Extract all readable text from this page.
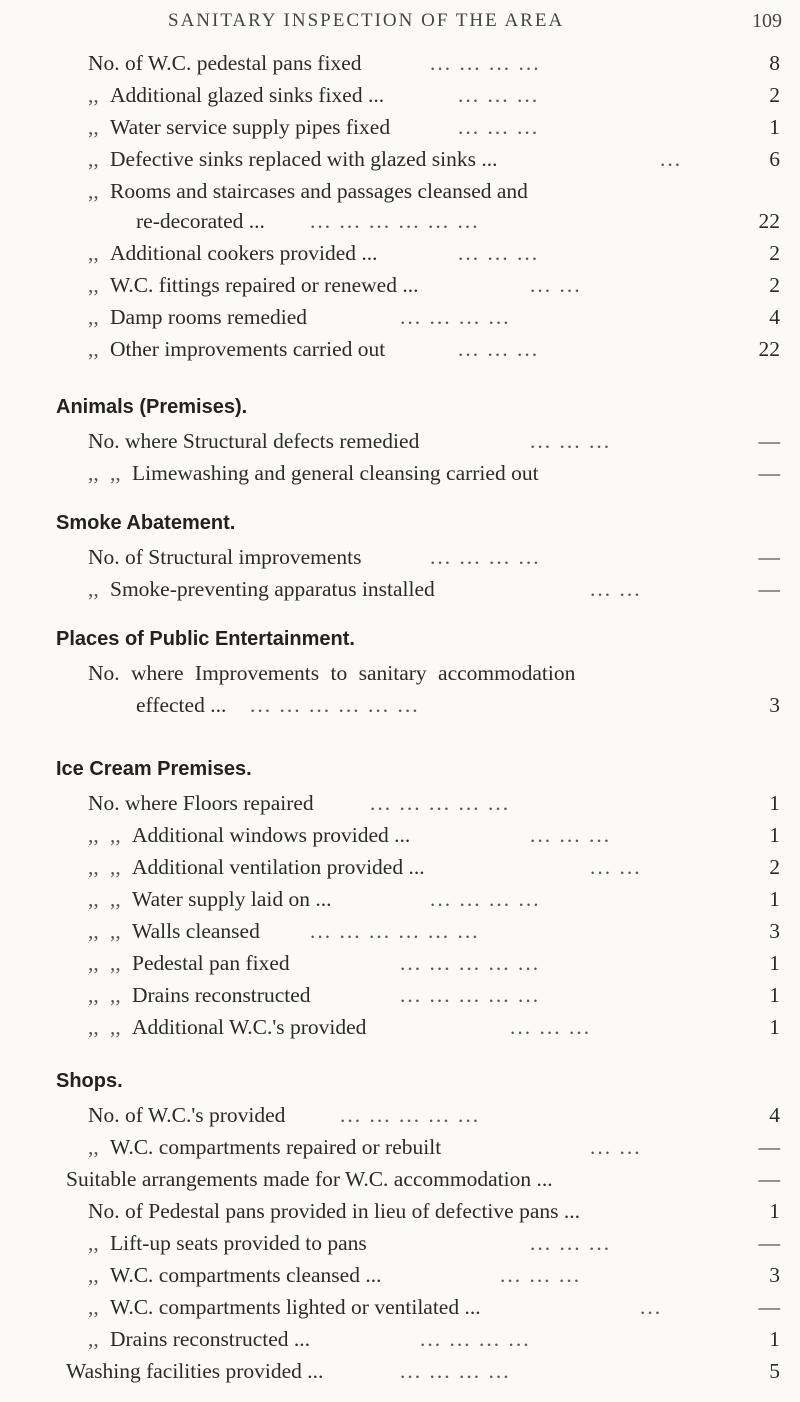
SANITARY INSPECTION OF THE AREA	109
No. of W.C. pedestal pans fixed	... ... ... ...	8
,, Additional glazed sinks fixed ...	... ... ...	2
,, Water service supply pipes fixed	... ... ...	1
,, Defective sinks replaced with glazed sinks ...	...	6
,, Rooms and staircases and passages cleansed and
re-decorated ... ... ... ... ... ... ...	22
,, Additional cookers provided ...	... ... ...	2
,, W.C. fittings repaired or renewed ...	... ...	2
,, Damp rooms remedied	... ... ... ...	4
,, Other improvements carried out	... ... ...	22
Animals (Premises).
No. where Structural defects remedied	... ... ...	—
,, ,, Limewashing and general cleansing carried out	—
Smoke Abatement.
No. of Structural improvements	... ... ... ...	—
,, Smoke-preventing apparatus installed	... ...	—
Places of Public Entertainment.
No. where Improvements to sanitary accommodation
effected ... ... ... ... ... ... ...	3
Ice Cream Premises.
No. where Floors repaired	... ... ... ... ...	1
,, ,, Additional windows provided ...	... ... ...	1
,, ,, Additional ventilation provided ...	... ...	2
,, ,, Water supply laid on ...	... ... ... ...	1
,, ,, Walls cleansed ... ... ... ... ... ...	3
,, ,, Pedestal pan fixed	... ... ... ... ...	1
,, ,, Drains reconstructed	... ... ... ... ...	1
,, ,, Additional W.C.'s provided	... ... ...	1
Shops.
No. of W.C.'s provided	... ... ... ... ...	4
,, W.C. compartments repaired or rebuilt	... ...	—
Suitable arrangements made for W.C. accommodation ...	—
No. of Pedestal pans provided in lieu of defective pans ...	1
,, Lift-up seats provided to pans	... ... ...	—
,, W.C. compartments cleansed ...	... ... ...	3
,, W.C. compartments lighted or ventilated ...	...	—
,, Drains reconstructed ...	... ... ... ...	1
Washing facilities provided ...	... ... ... ...	5
